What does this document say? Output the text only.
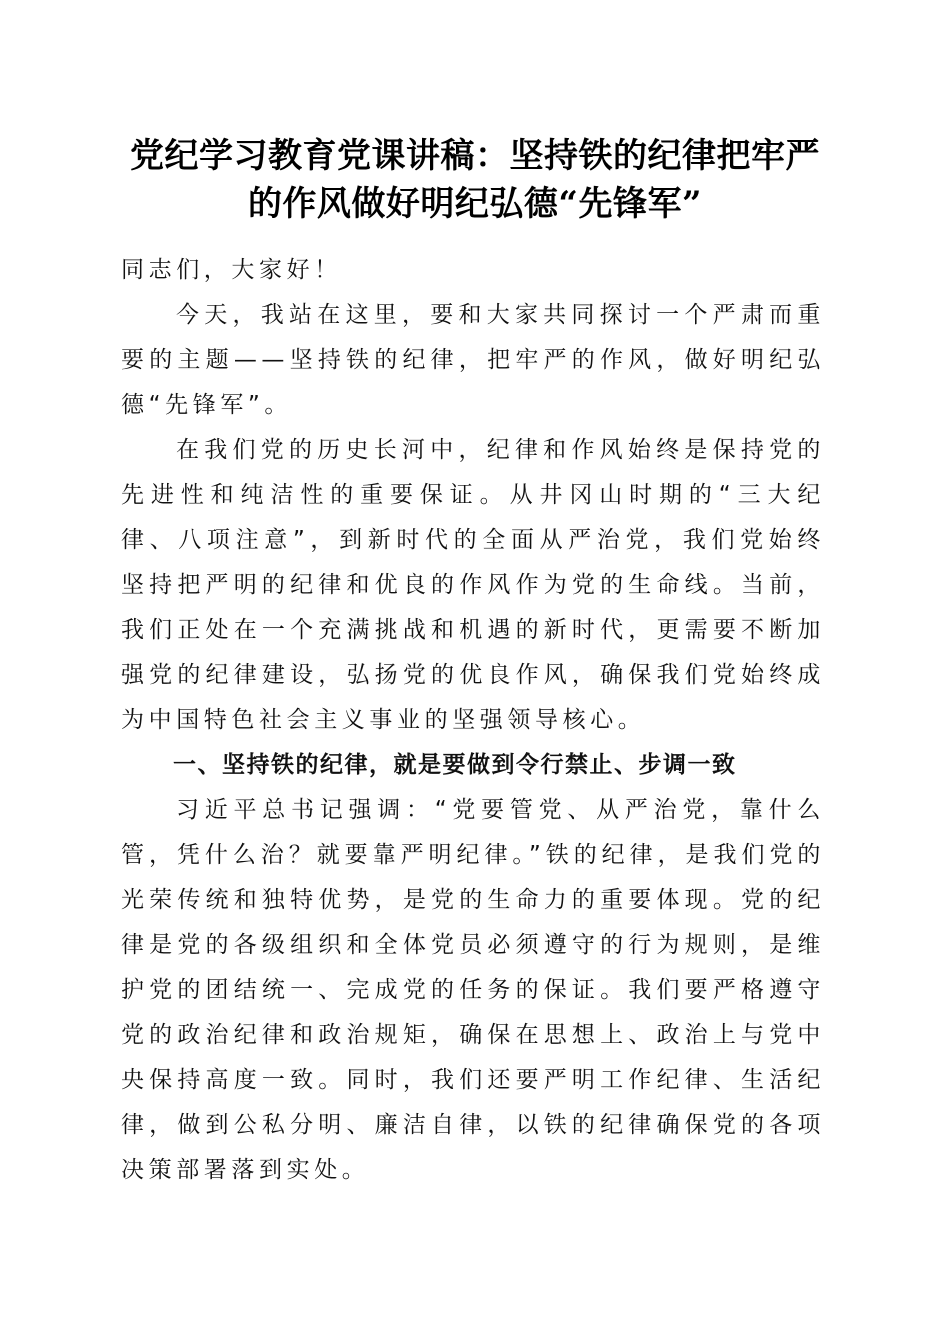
党纪学习教育党课讲稿：坚持铁的纪律把牢严
的作风做好明纪弘德“先锋军”

同志们，大家好！

今天，我站在这里，要和大家共同探讨一个严肃而重要的主题——坚持铁的纪律，把牢严的作风，做好明纪弘德“先锋军”。

在我们党的历史长河中，纪律和作风始终是保持党的先进性和纯洁性的重要保证。从井冈山时期的“三大纪律、八项注意”，到新时代的全面从严治党，我们党始终坚持把严明的纪律和优良的作风作为党的生命线。当前，我们正处在一个充满挑战和机遇的新时代，更需要不断加强党的纪律建设，弘扬党的优良作风，确保我们党始终成为中国特色社会主义事业的坚强领导核心。

一、坚持铁的纪律，就是要做到令行禁止、步调一致

习近平总书记强调：“党要管党、从严治党，靠什么管，凭什么治？就要靠严明纪律。”铁的纪律，是我们党的光荣传统和独特优势，是党的生命力的重要体现。党的纪律是党的各级组织和全体党员必须遵守的行为规则，是维护党的团结统一、完成党的任务的保证。我们要严格遵守党的政治纪律和政治规矩，确保在思想上、政治上与党中央保持高度一致。同时，我们还要严明工作纪律、生活纪律，做到公私分明、廉洁自律，以铁的纪律确保党的各项决策部署落到实处。
